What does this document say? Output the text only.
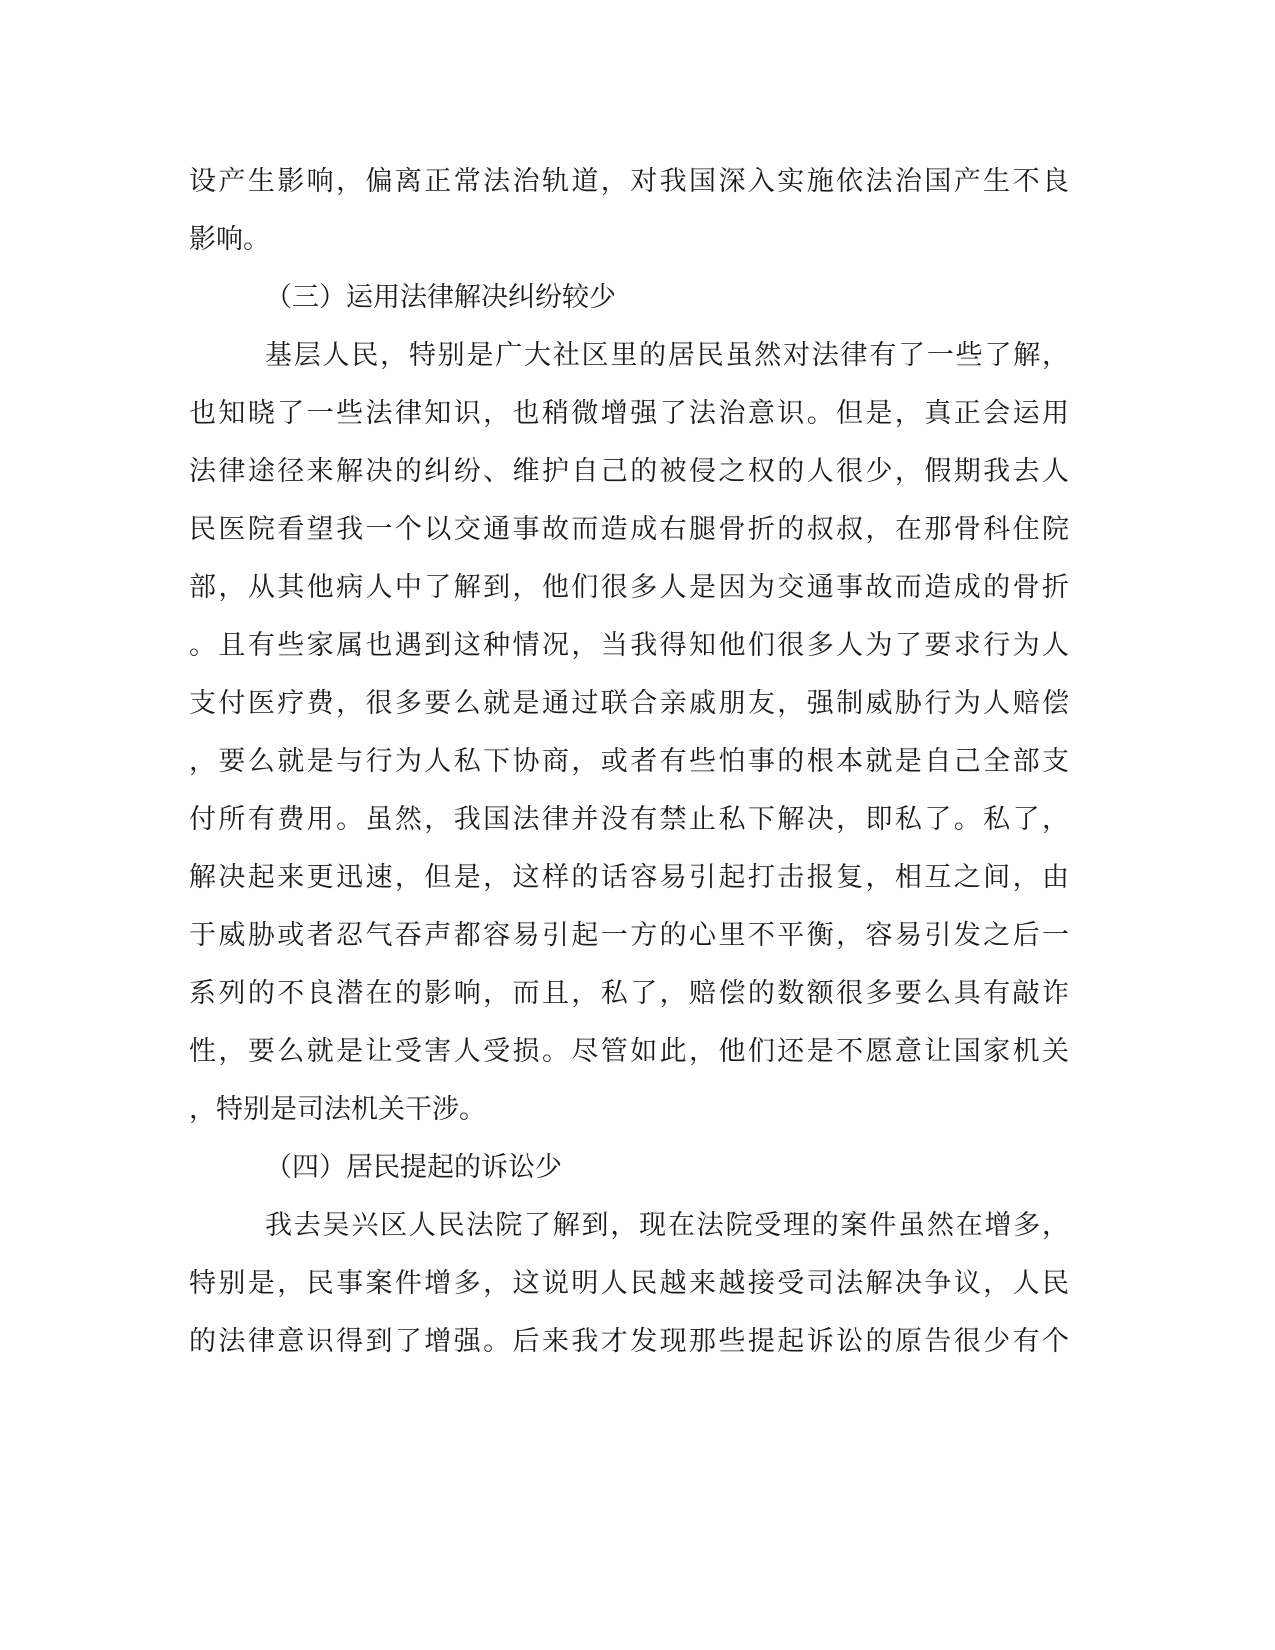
设产生影响，偏离正常法治轨道，对我国深入实施依法治国产生不良
影响。
（三）运用法律解决纠纷较少
基层人民，特别是广大社区里的居民虽然对法律有了一些了解，
也知晓了一些法律知识，也稍微增强了法治意识。但是，真正会运用
法律途径来解决的纠纷、维护自己的被侵之权的人很少，假期我去人
民医院看望我一个以交通事故而造成右腿骨折的叔叔，在那骨科住院
部，从其他病人中了解到，他们很多人是因为交通事故而造成的骨折
。且有些家属也遇到这种情况，当我得知他们很多人为了要求行为人
支付医疗费，很多要么就是通过联合亲戚朋友，强制威胁行为人赔偿
，要么就是与行为人私下协商，或者有些怕事的根本就是自己全部支
付所有费用。虽然，我国法律并没有禁止私下解决，即私了。私了，
解决起来更迅速，但是，这样的话容易引起打击报复，相互之间，由
于威胁或者忍气吞声都容易引起一方的心里不平衡，容易引发之后一
系列的不良潜在的影响，而且，私了，赔偿的数额很多要么具有敲诈
性，要么就是让受害人受损。尽管如此，他们还是不愿意让国家机关
，特别是司法机关干涉。
（四）居民提起的诉讼少
我去吴兴区人民法院了解到，现在法院受理的案件虽然在增多，
特别是，民事案件增多，这说明人民越来越接受司法解决争议，人民
的法律意识得到了增强。后来我才发现那些提起诉讼的原告很少有个
